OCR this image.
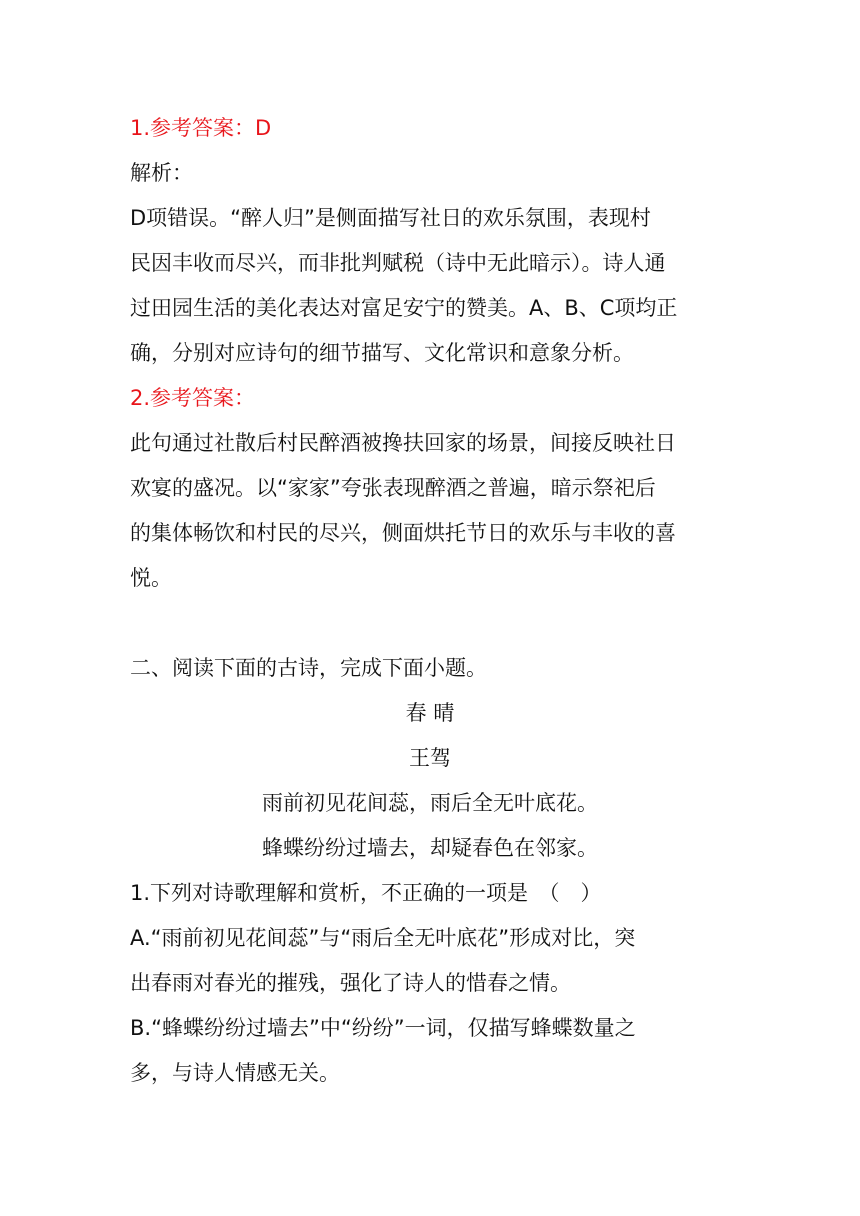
1.参考答案：D
解析：
D项错误。“醉人归”是侧面描写社日的欢乐氛围，表现村
民因丰收而尽兴，而非批判赋税（诗中无此暗示）。诗人通
过田园生活的美化表达对富足安宁的赞美。A、B、C项均正
确，分别对应诗句的细节描写、文化常识和意象分析。
2.参考答案：
此句通过社散后村民醉酒被搀扶回家的场景，间接反映社日
欢宴的盛况。以“家家”夸张表现醉酒之普遍，暗示祭祀后
的集体畅饮和村民的尽兴，侧面烘托节日的欢乐与丰收的喜
悦。
二、阅读下面的古诗，完成下面小题。
春 晴
王驾
雨前初见花间蕊，雨后全无叶底花。
蜂蝶纷纷过墙去，却疑春色在邻家。
1.下列对诗歌理解和赏析，不正确的一项是　（　）
A.“雨前初见花间蕊”与“雨后全无叶底花”形成对比，突
出春雨对春光的摧残，强化了诗人的惜春之情。
B.“蜂蝶纷纷过墙去”中“纷纷”一词，仅描写蜂蝶数量之
多，与诗人情感无关。
